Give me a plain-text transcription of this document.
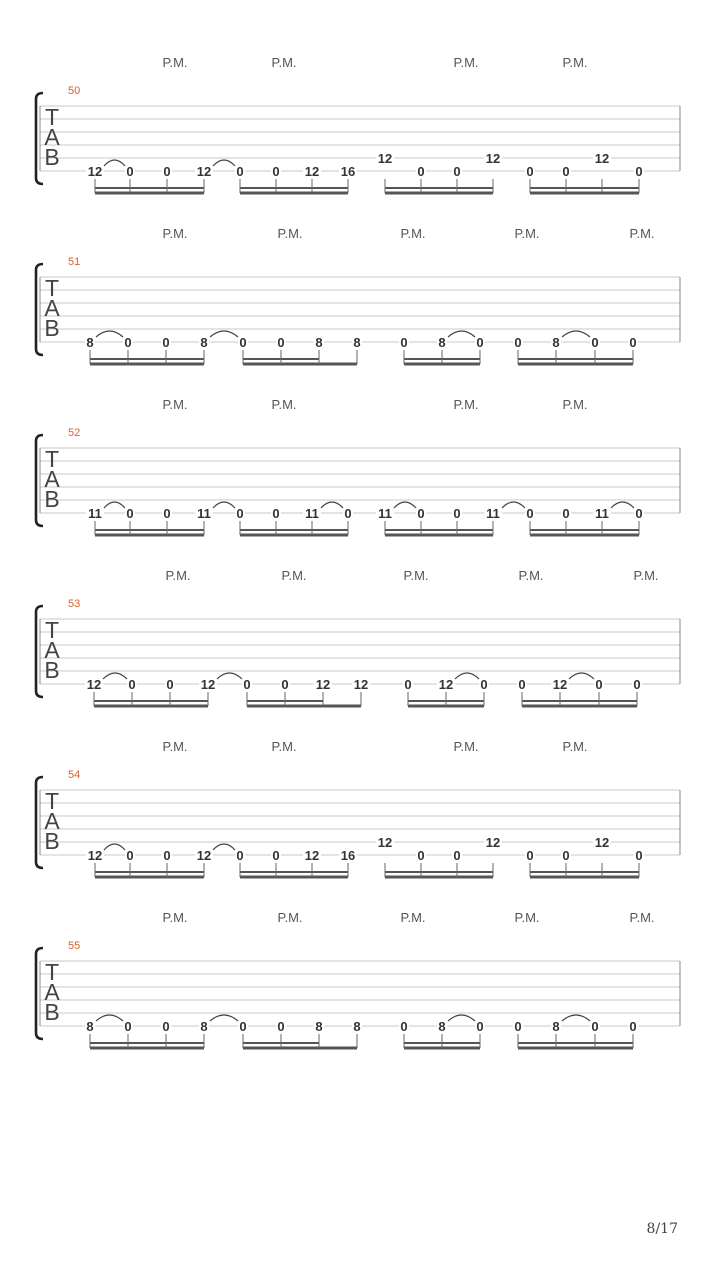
P.M.	P.M.	P.M.	P.M.
50
T
A
B
12 0 0 12 0 0 12 16
12
0 0
12
0 0
12
0
P.M.	P.M.	P.M.	P.M.	P.M.
51
T
A
B
8 0 0 8 0 0 8 8	0 8 0 0 8 0 0
P.M.	P.M.	P.M.	P.M.
52
T
A
B
11 0 0 11 0 0 11 0 11 0 0 11 0 0 11 0
P.M.	P.M.	P.M.	P.M.	P.M.
53
T
A
B
12 0 0 12 0 0 12 12	0 12 0 0 12 0 0
P.M.	P.M.	P.M.	P.M.
54
T
A
B
12 0 0 12 0 0 12 16
12
0 0
12
0 0
12
0
P.M.	P.M.	P.M.	P.M.	P.M.
55
T
A
B
8 0 0 8 0 0 8 8	0 8 0 0 8 0 0
8/17
